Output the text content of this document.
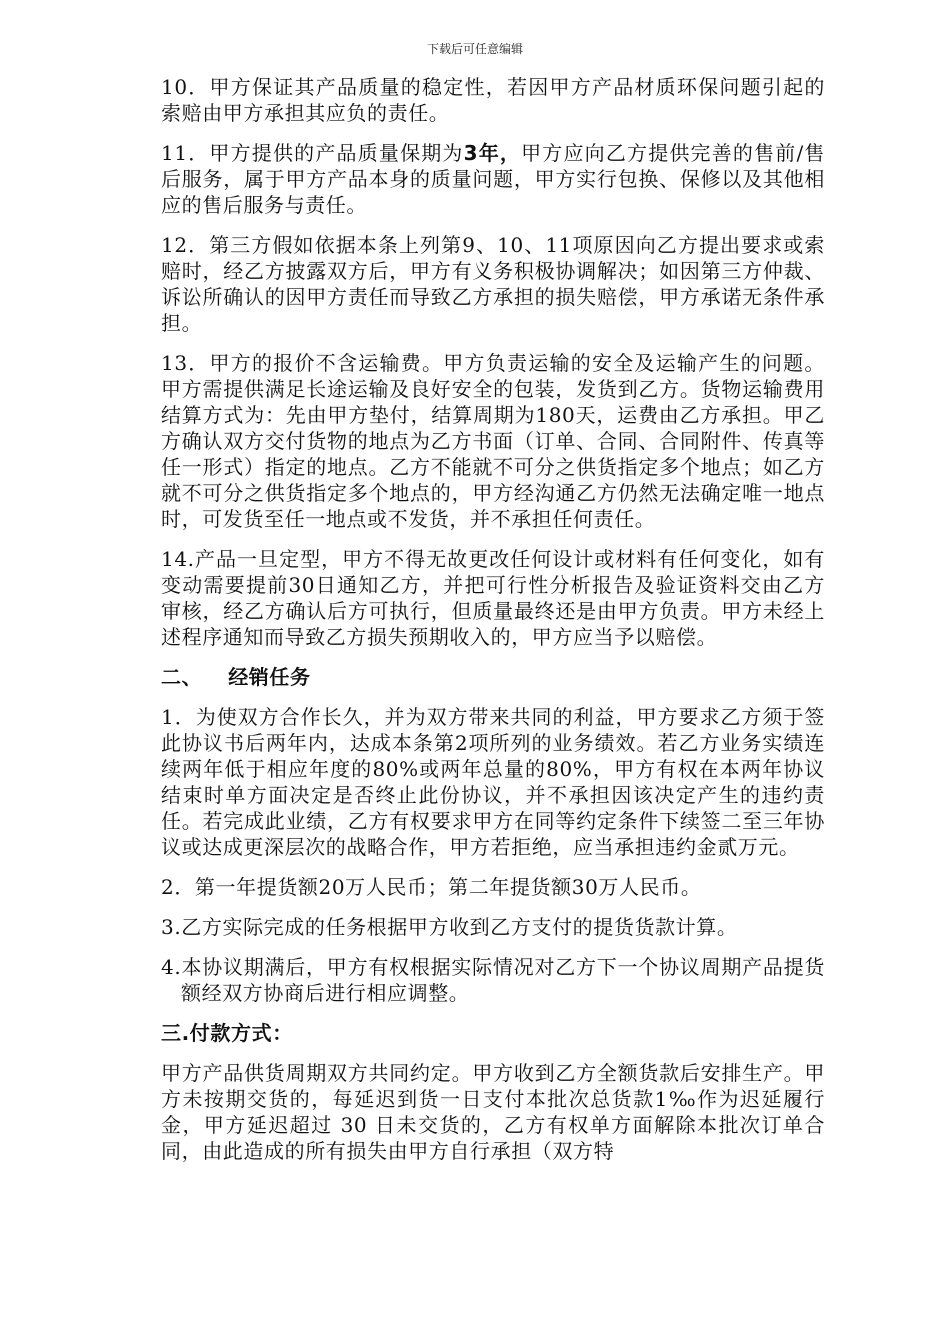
下载后可任意编辑

10．甲方保证其产品质量的稳定性，若因甲方产品材质环保问题引起的索赔由甲方承担其应负的责任。

11．甲方提供的产品质量保期为3年，甲方应向乙方提供完善的售前/售后服务，属于甲方产品本身的质量问题，甲方实行包换、保修以及其他相应的售后服务与责任。

12．第三方假如依据本条上列第9、10、11项原因向乙方提出要求或索赔时，经乙方披露双方后，甲方有义务积极协调解决；如因第三方仲裁、诉讼所确认的因甲方责任而导致乙方承担的损失赔偿，甲方承诺无条件承担。

13．甲方的报价不含运输费。甲方负责运输的安全及运输产生的问题。甲方需提供满足长途运输及良好安全的包装，发货到乙方。货物运输费用结算方式为：先由甲方垫付，结算周期为180天，运费由乙方承担。甲乙方确认双方交付货物的地点为乙方书面（订单、合同、合同附件、传真等任一形式）指定的地点。乙方不能就不可分之供货指定多个地点；如乙方就不可分之供货指定多个地点的，甲方经沟通乙方仍然无法确定唯一地点时，可发货至任一地点或不发货，并不承担任何责任。

14.产品一旦定型，甲方不得无故更改任何设计或材料有任何变化，如有变动需要提前30日通知乙方，并把可行性分析报告及验证资料交由乙方审核，经乙方确认后方可执行，但质量最终还是由甲方负责。甲方未经上述程序通知而导致乙方损失预期收入的，甲方应当予以赔偿。

二、 经销任务

1．为使双方合作长久，并为双方带来共同的利益，甲方要求乙方须于签此协议书后两年内，达成本条第2项所列的业务绩效。若乙方业务实绩连续两年低于相应年度的80%或两年总量的80%，甲方有权在本两年协议结束时单方面决定是否终止此份协议，并不承担因该决定产生的违约责任。若完成此业绩，乙方有权要求甲方在同等约定条件下续签二至三年协议或达成更深层次的战略合作，甲方若拒绝，应当承担违约金贰万元。

2．第一年提货额20万人民币；第二年提货额30万人民币。

3.乙方实际完成的任务根据甲方收到乙方支付的提货货款计算。

4.本协议期满后，甲方有权根据实际情况对乙方下一个协议周期产品提货额经双方协商后进行相应调整。

三.付款方式：

甲方产品供货周期双方共同约定。甲方收到乙方全额货款后安排生产。甲方未按期交货的，每延迟到货一日支付本批次总货款1‰作为迟延履行金，甲方延迟超过 30 日未交货的，乙方有权单方面解除本批次订单合同，由此造成的所有损失由甲方自行承担（双方特
